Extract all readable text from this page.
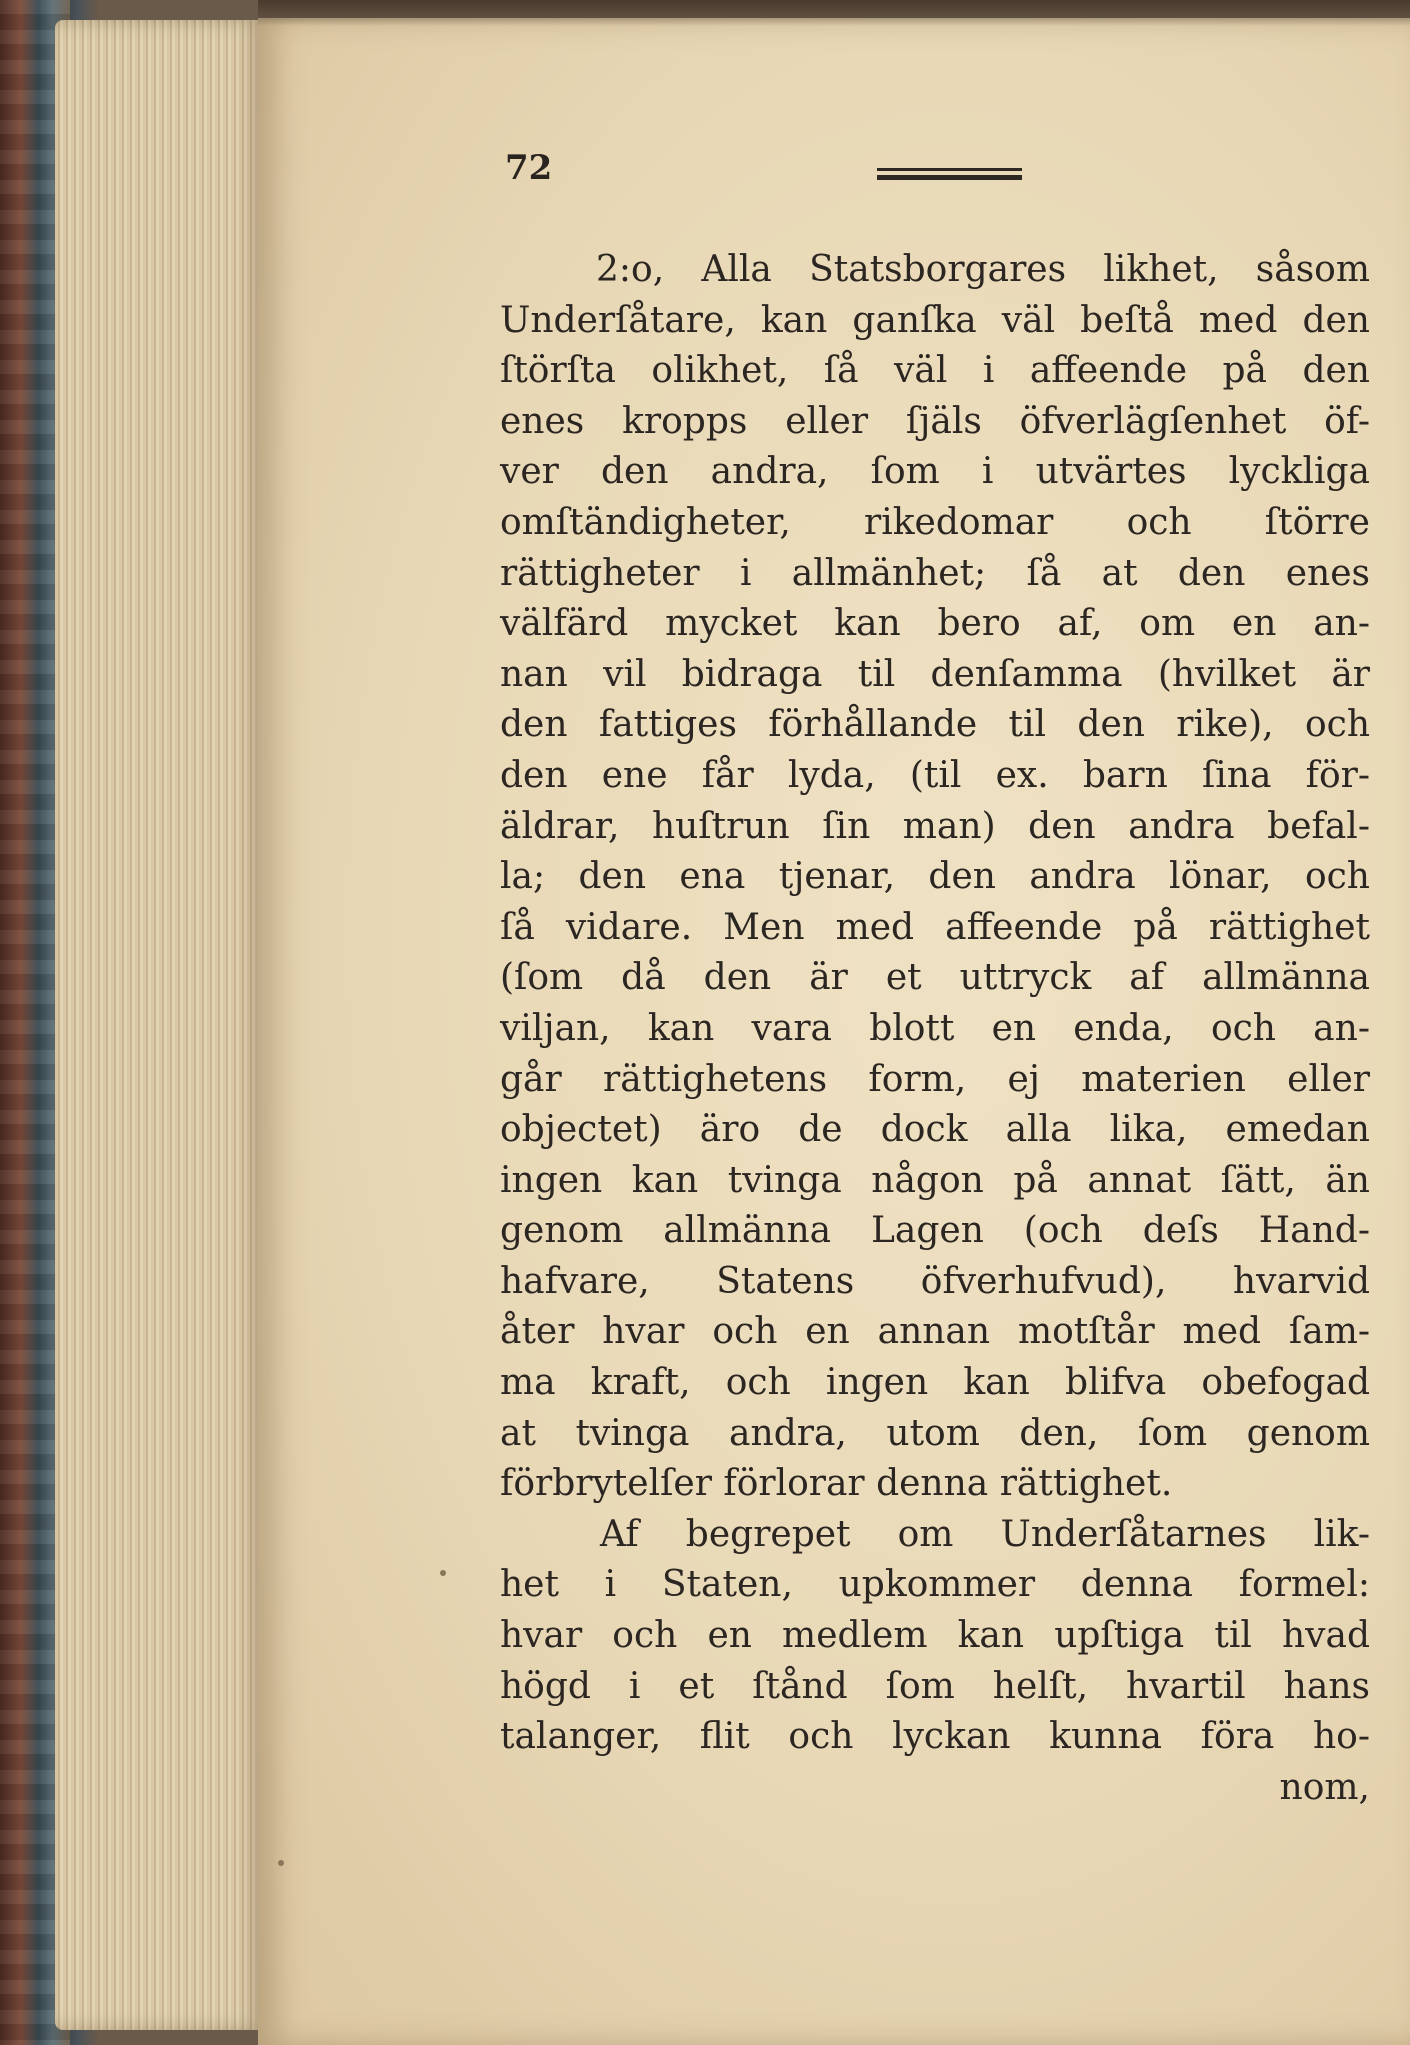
72
2:o, Alla Statsborgares likhet, såsom
Underſåtare, kan ganſka väl beſtå med den
ſtörſta olikhet, ſå väl i affeende på den
enes kropps eller ſjäls öfverlägſenhet öf-
ver den andra, ſom i utvärtes lyckliga
omſtändigheter, rikedomar och ſtörre
rättigheter i allmänhet; ſå at den enes
välfärd mycket kan bero af, om en an-
nan vil bidraga til denſamma (hvilket är
den fattiges förhållande til den rike), och
den ene får lyda, (til ex. barn ſina för-
äldrar, huſtrun ſin man) den andra befal-
la; den ena tjenar, den andra lönar, och
ſå vidare. Men med affeende på rättighet
(ſom då den är et uttryck af allmänna
viljan, kan vara blott en enda, och an-
går rättighetens form, ej materien eller
objectet) äro de dock alla lika, emedan
ingen kan tvinga någon på annat ſätt, än
genom allmänna Lagen (och deſs Hand-
hafvare, Statens öfverhufvud), hvarvid
åter hvar och en annan motſtår med ſam-
ma kraft, och ingen kan blifva obefogad
at tvinga andra, utom den, ſom genom
förbrytelſer förlorar denna rättighet.
Af begrepet om Underſåtarnes lik-
het i Staten, upkommer denna formel:
hvar och en medlem kan upſtiga til hvad
högd i et ſtånd ſom helſt, hvartil hans
talanger, flit och lyckan kunna föra ho-
nom,
